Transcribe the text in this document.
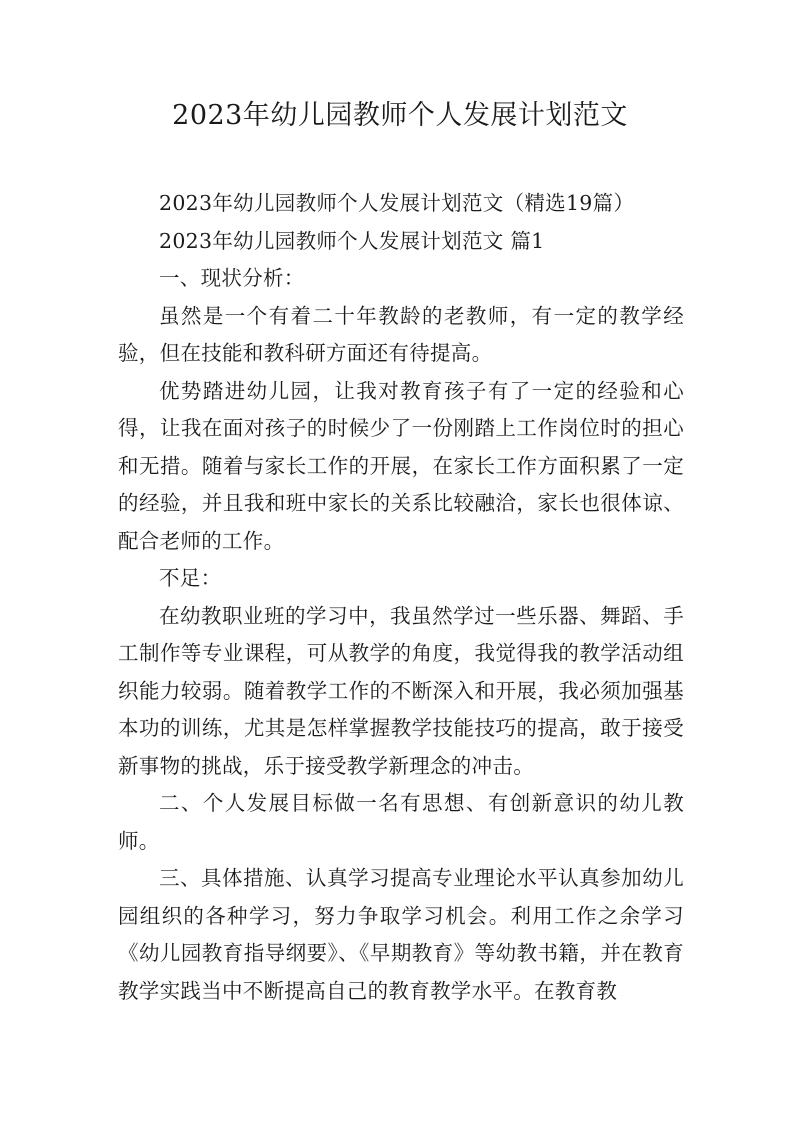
2023年幼儿园教师个人发展计划范文

2023年幼儿园教师个人发展计划范文（精选19篇）

2023年幼儿园教师个人发展计划范文 篇1

一、现状分析：

虽然是一个有着二十年教龄的老教师，有一定的教学经验，但在技能和教科研方面还有待提高。

优势踏进幼儿园，让我对教育孩子有了一定的经验和心得，让我在面对孩子的时候少了一份刚踏上工作岗位时的担心和无措。随着与家长工作的开展，在家长工作方面积累了一定的经验，并且我和班中家长的关系比较融洽，家长也很体谅、配合老师的工作。

不足：

在幼教职业班的学习中，我虽然学过一些乐器、舞蹈、手工制作等专业课程，可从教学的角度，我觉得我的教学活动组织能力较弱。随着教学工作的不断深入和开展，我必须加强基本功的训练，尤其是怎样掌握教学技能技巧的提高，敢于接受新事物的挑战，乐于接受教学新理念的冲击。

二、个人发展目标做一名有思想、有创新意识的幼儿教师。

三、具体措施、认真学习提高专业理论水平认真参加幼儿园组织的各种学习，努力争取学习机会。利用工作之余学习《幼儿园教育指导纲要》、《早期教育》等幼教书籍，并在教育教学实践当中不断提高自己的教育教学水平。在教育教
